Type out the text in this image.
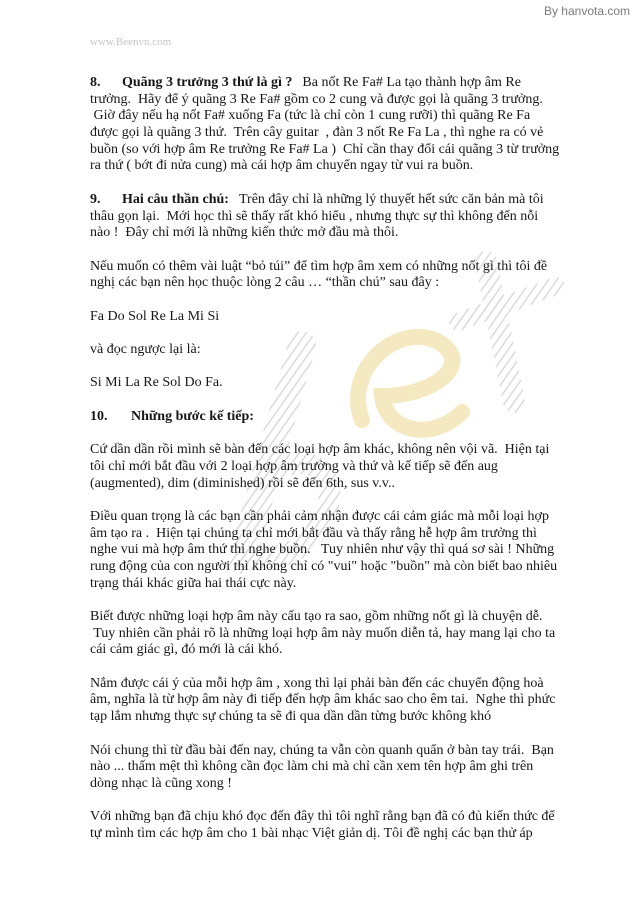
By hanvota.com
www.Beenvn.com
8. Quãng 3 trưởng 3 thứ là gì ? Ba nốt Re Fa# La tạo thành hợp âm Re
trưởng.  Hãy để ý quãng 3 Re Fa# gồm co 2 cung và được gọi là quãng 3 trưởng.
Giờ đây nếu hạ nốt Fa# xuống Fa (tức là chỉ còn 1 cung rưỡi) thì quãng Re Fa
được gọi là quãng 3 thứ.  Trên cây guitar  , đàn 3 nốt Re Fa La , thì nghe ra có vẻ
buồn (so với hợp âm Re trưởng Re Fa# La )  Chỉ cần thay đổi cái quãng 3 từ trưởng
ra thứ ( bớt đi nửa cung) mà cái hợp âm chuyển ngay từ vui ra buồn.
9. Hai câu thần chú: Trên đây chỉ là những lý thuyết hết sức căn bản mà tôi
thâu gọn lại.  Mới học thì sẽ thấy rất khó hiểu , nhưng thực sự thì không đến nỗi
nào !  Đây chỉ mới là những kiến thức mở đầu mà thôi.
Nếu muốn có thêm vài luật “bỏ túi” để tìm hợp âm xem có những nốt gì thì tôi đề
nghị các bạn nên học thuộc lòng 2 câu … “thần chú” sau đây :
Fa Do Sol Re La Mi Si
và đọc ngược lại là:
Si Mi La Re Sol Do Fa.
10. Những bước kế tiếp:
Cứ dần dần rồi mình sẽ bàn đến các loại hợp âm khác, không nên vội vã.  Hiện tại
tôi chỉ mới bắt đầu với 2 loại hợp âm trưởng và thứ và kế tiếp sẽ đến aug
(augmented), dim (diminished) rồi sẽ đến 6th, sus v.v..
Điều quan trọng là các bạn cần phải cảm nhận được cái cảm giác mà mỗi loại hợp
âm tạo ra .  Hiện tại chúng ta chỉ mới bắt đầu và thấy rằng hễ hợp âm trưởng thì
nghe vui mà hợp âm thứ thì nghe buồn.   Tuy nhiên như vậy thì quá sơ sài ! Những
rung động của con người thì không chỉ có "vui" hoặc "buồn" mà còn biết bao nhiêu
trạng thái khác giữa hai thái cực này.
Biết được những loại hợp âm này cấu tạo ra sao, gồm những nốt gì là chuyện dễ.
Tuy nhiên cần phải rõ là những loại hợp âm này muốn diễn tả, hay mang lại cho ta
cái cảm giác gì, đó mới là cái khó.
Nắm được cái ý của mỗi hợp âm , xong thì lại phải bàn đến các chuyển động hoà
âm, nghĩa là từ hợp âm này đi tiếp đến hợp âm khác sao cho êm tai.  Nghe thì phức
tạp lắm nhưng thực sự chúng ta sẽ đi qua dần dần từng bước không khó
Nói chung thì từ đầu bài đến nay, chúng ta vẫn còn quanh quẩn ở bàn tay trái.  Bạn
nào ... thấm mệt thì không cần đọc làm chi mà chỉ cần xem tên hợp âm ghi trên
dòng nhạc là cũng xong !
Với những bạn đã chịu khó đọc đến đây thì tôi nghĩ rằng bạn đã có đủ kiến thức để
tự mình tìm các hợp âm cho 1 bài nhạc Việt giản dị. Tôi đề nghị các bạn thử áp
